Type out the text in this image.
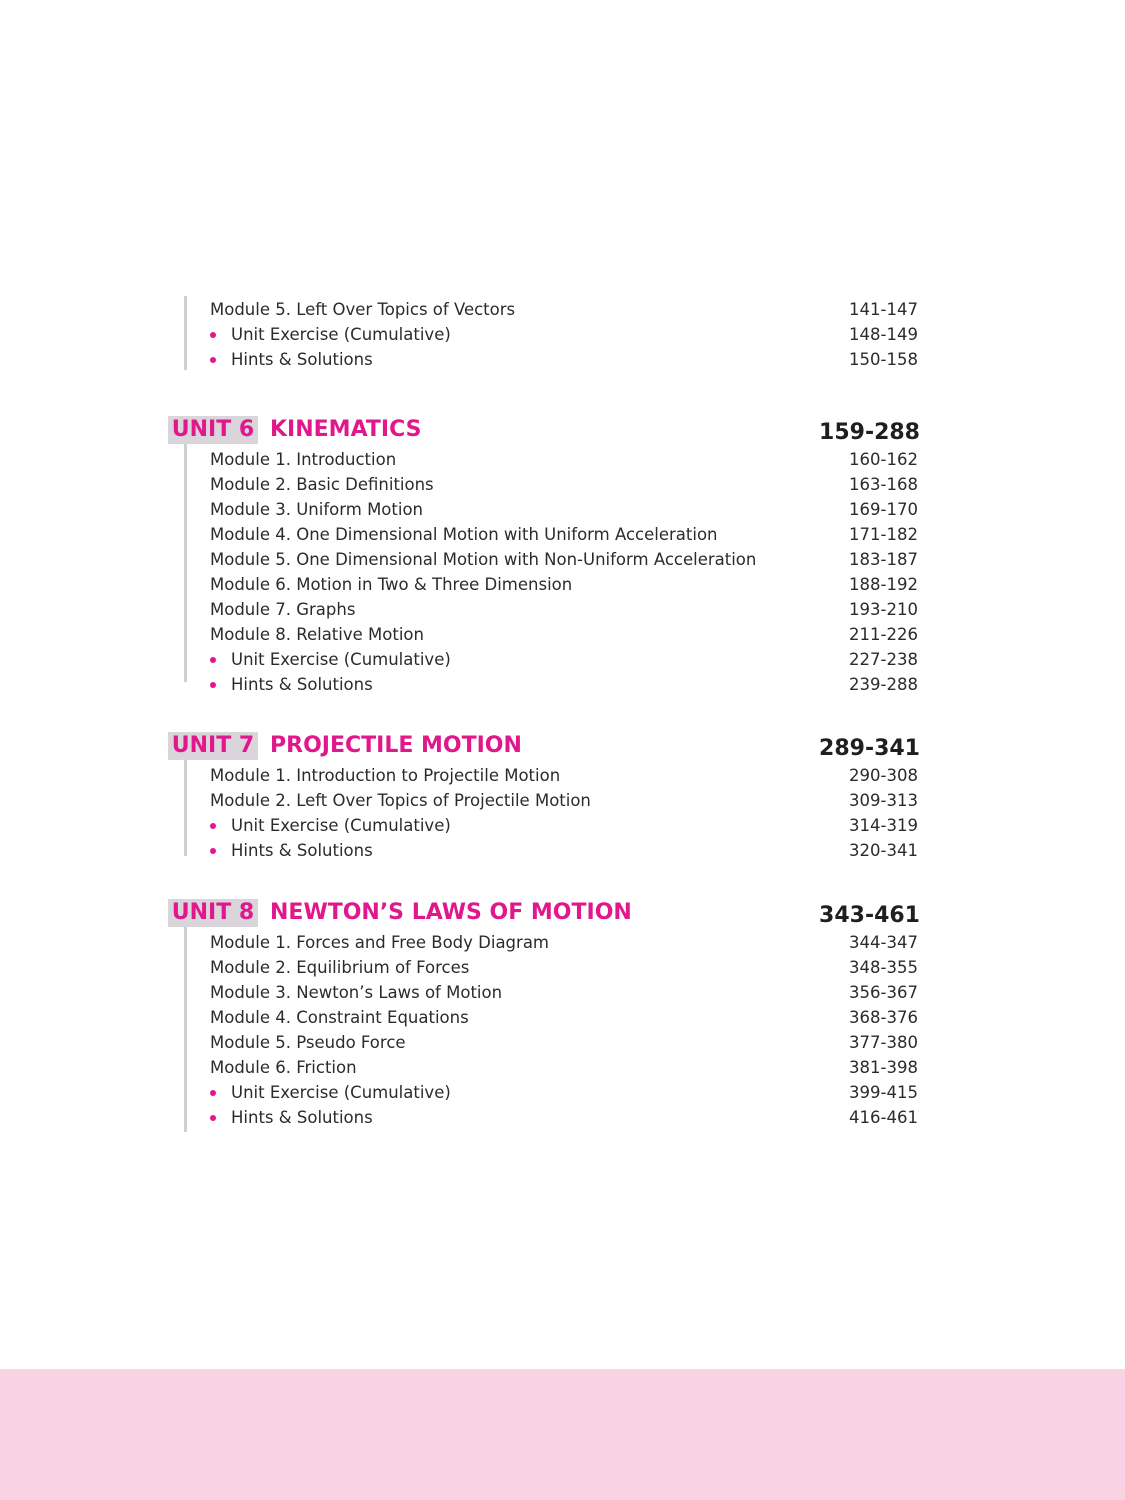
Module 5. Left Over Topics of Vectors	141-147
Unit Exercise (Cumulative)	148-149
Hints & Solutions	150-158
UNIT 6 KINEMATICS	159-288
Module 1. Introduction	160-162
Module 2. Basic Definitions	163-168
Module 3. Uniform Motion	169-170
Module 4. One Dimensional Motion with Uniform Acceleration	171-182
Module 5. One Dimensional Motion with Non-Uniform Acceleration	183-187
Module 6. Motion in Two & Three Dimension	188-192
Module 7. Graphs	193-210
Module 8. Relative Motion	211-226
Unit Exercise (Cumulative)	227-238
Hints & Solutions	239-288
UNIT 7 PROJECTILE MOTION	289-341
Module 1. Introduction to Projectile Motion	290-308
Module 2. Left Over Topics of Projectile Motion	309-313
Unit Exercise (Cumulative)	314-319
Hints & Solutions	320-341
UNIT 8 NEWTON’S LAWS OF MOTION	343-461
Module 1. Forces and Free Body Diagram	344-347
Module 2. Equilibrium of Forces	348-355
Module 3. Newton’s Laws of Motion	356-367
Module 4. Constraint Equations	368-376
Module 5. Pseudo Force	377-380
Module 6. Friction	381-398
Unit Exercise (Cumulative)	399-415
Hints & Solutions	416-461
